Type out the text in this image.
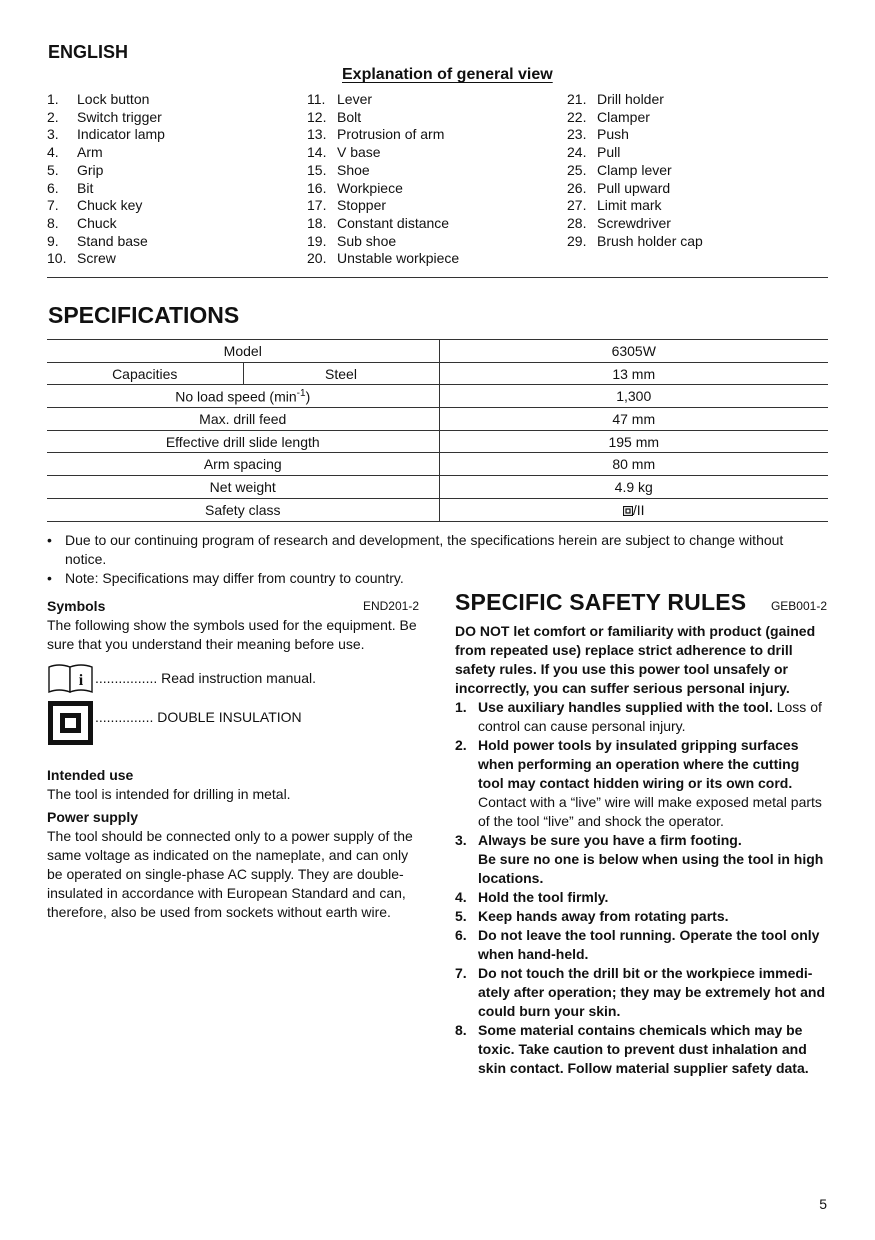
ENGLISH
Explanation of general view
1.	Lock button
2.	Switch trigger
3.	Indicator lamp
4.	Arm
5.	Grip
6.	Bit
7.	Chuck key
8.	Chuck
9.	Stand base
10. Screw
11. Lever
12. Bolt
13. Protrusion of arm
14. V base
15. Shoe
16. Workpiece
17. Stopper
18. Constant distance
19. Sub shoe
20. Unstable workpiece
21. Drill holder
22. Clamper
23. Push
24. Pull
25. Clamp lever
26. Pull upward
27. Limit mark
28. Screwdriver
29. Brush holder cap
SPECIFICATIONS
Model		6305W
Capacities	Steel	13 mm
No load speed $(\min^{-1})$		1,300
Max. drill feed		47 mm
Effective drill slide length		195 mm
Arm spacing		80 mm
Net weight		4.9 kg
Safety class		/II
• Due to our continuing program of research and development, the specifications herein are subject to change without notice.
• Note: Specifications may differ from country to country.
Symbols	END201-2
The following show the symbols used for the equipment. Be sure that you understand their meaning before use.
i ................ Read instruction manual.
............... DOUBLE INSULATION
Intended use
The tool is intended for drilling in metal.
Power supply
The tool should be connected only to a power supply of the same voltage as indicated on the nameplate, and can only be operated on single-phase AC supply. They are double-insulated in accordance with European Standard and can, therefore, also be used from sockets without earth wire.
SPECIFIC SAFETY RULES GEB001-2
DO NOT let comfort or familiarity with product (gained from repeated use) replace strict adherence to drill safety rules. If you use this power tool unsafely or incorrectly, you can suffer serious personal injury.
1. Use auxiliary handles supplied with the tool. Loss of control can cause personal injury.
2. Hold power tools by insulated gripping surfaces when performing an operation where the cutting tool may contact hidden wiring or its own cord. Contact with a “live” wire will make exposed metal parts of the tool “live” and shock the operator.
3. Always be sure you have a firm footing.
Be sure no one is below when using the tool in high locations.
4. Hold the tool firmly.
5. Keep hands away from rotating parts.
6. Do not leave the tool running. Operate the tool only when hand-held.
7. Do not touch the drill bit or the workpiece immedi-ately after operation; they may be extremely hot and could burn your skin.
8. Some material contains chemicals which may be toxic. Take caution to prevent dust inhalation and skin contact. Follow material supplier safety data.
5
